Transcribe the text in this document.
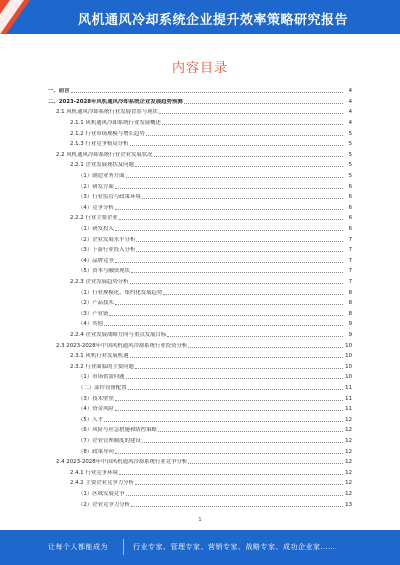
风机通风冷却系统企业提升效率策略研究报告
内容目录
一、前言	4
二、2023-2028年风机通风冷却系统企业发展趋势预测	4
2.1 风机通风冷却系统行业发展背景与现状	4
2.1.1 风机通风冷却系统行业发展概述	4
2.1.2 行业市场规模与增长趋势	5
2.1.3 行业竞争格局分析	5
2.2 风机通风冷却系统行业企业发展状况	5
2.2.1 企业发展现状及问题	5
（1）制造业务方面	5
（2）研发方面	6
（3）行业监管与政策环境	6
（4）竞争分析	6
2.2.2 行业主要企业	6
（1）研发投入	6
（2）企业发展水平分析	7
（3）下游行业投入分析	7
（4）品牌竞争	7
（5）资本与融资现状	7
2.2.3 企业发展趋势分析	7
（1）行业规模化、集约化发展趋势	8
（2）产品技术	8
（3）产业链	8
（4）其他	9
2.2.4 企业发展战略方向与重点发展目标	9
2.3 2023-2028年中国风机通风冷却系统行业投资分析	10
2.3.1 风机行业发展机遇	10
2.3.2 行业面临的主要问题	10
（1）市场供需问题	10
（二）部件设备配置	11
（3）技术壁垒	11
（4）资金风险	11
（5）人才	12
（6）风险与应急措施和防控策略	12
（7）企业管理制度的建设	12
（8）政策导向	12
2.4 2023-2028年中国风机通风冷却系统行业竞争分析	12
2.4.1 行业竞争环境	12
2.4.2 主要企业竞争力分析	12
（1）区域发展竞争	12
（2）企业竞争力分析	13
1
让每个人都能成为	行业专家、管理专家、营销专家、战略专家、成功企业家……
